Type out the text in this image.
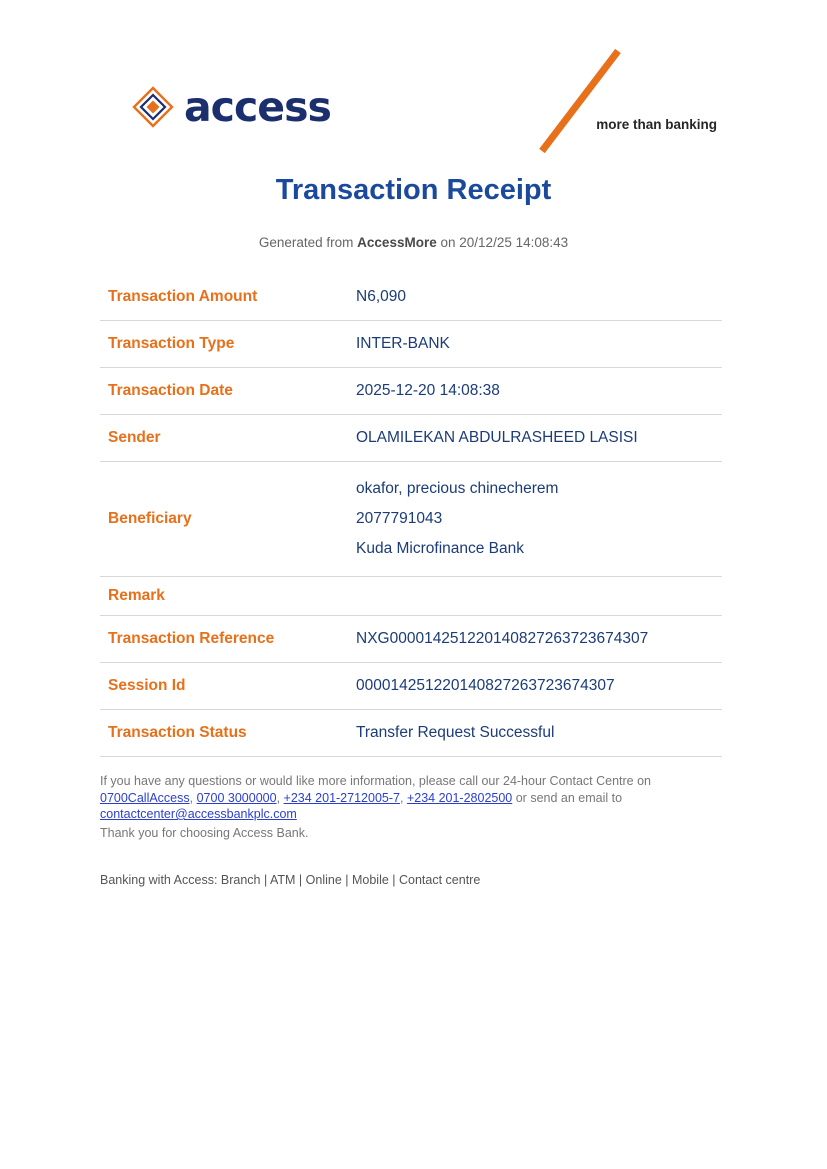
access	more than banking
Transaction Receipt
Generated from AccessMore on 20/12/25 14:08:43
Transaction Amount	N6,090
Transaction Type	INTER-BANK
Transaction Date	2025-12-20 14:08:38
Sender	OLAMILEKAN ABDULRASHEED LASISI
Beneficiary	okafor, precious chinecherem
2077791043
Kuda Microfinance Bank

Remark	
Transaction Reference	NXG000014251220140827263723674307
Session Id	000014251220140827263723674307
Transaction Status	Transfer Request Successful
If you have any questions or would like more information, please call our 24-hour Contact Centre on
0700CallAccess, 0700 3000000, +234 201-2712005-7, +234 201-2802500 or send an email to
contactcenter@accessbankplc.com
Thank you for choosing Access Bank.
Banking with Access: Branch | ATM | Online | Mobile | Contact centre
